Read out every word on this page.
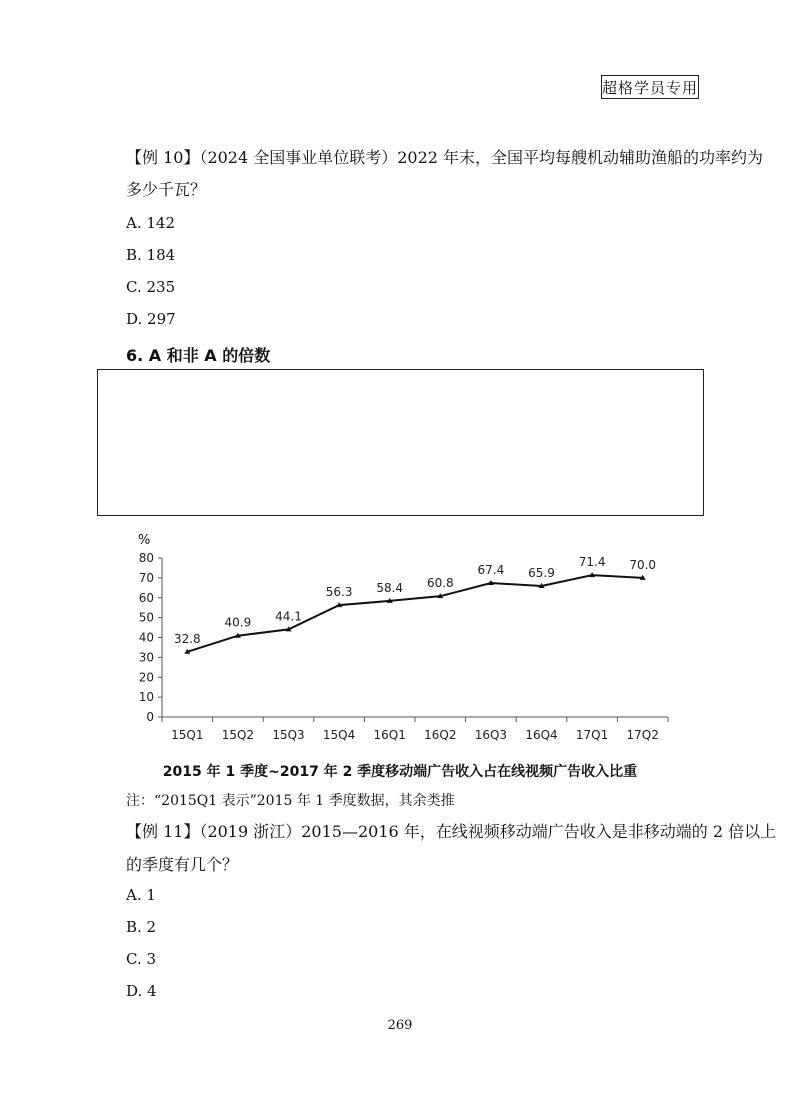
超格学员专用
【例 10】（2024 全国事业单位联考）2022 年末，全国平均每艘机动辅助渔船的功率约为
多少千瓦？
A. 142
B. 184
C. 235
D. 297
6. A 和非 A 的倍数
%
0
10
20
30
40
50
60
70
80
15Q1 15Q2 15Q3 15Q4 16Q1 16Q2 16Q3 16Q4 17Q1 17Q2
32.8
40.9 44.1
56.3 58.4 60.8
67.4 65.9
71.4 70.0
2015 年 1 季度~2017 年 2 季度移动端广告收入占在线视频广告收入比重
注：“2015Q1 表示”2015 年 1 季度数据，其余类推
【例 11】（2019 浙江）2015—2016 年，在线视频移动端广告收入是非移动端的 2 倍以上
的季度有几个？
A. 1
B. 2
C. 3
D. 4
269
